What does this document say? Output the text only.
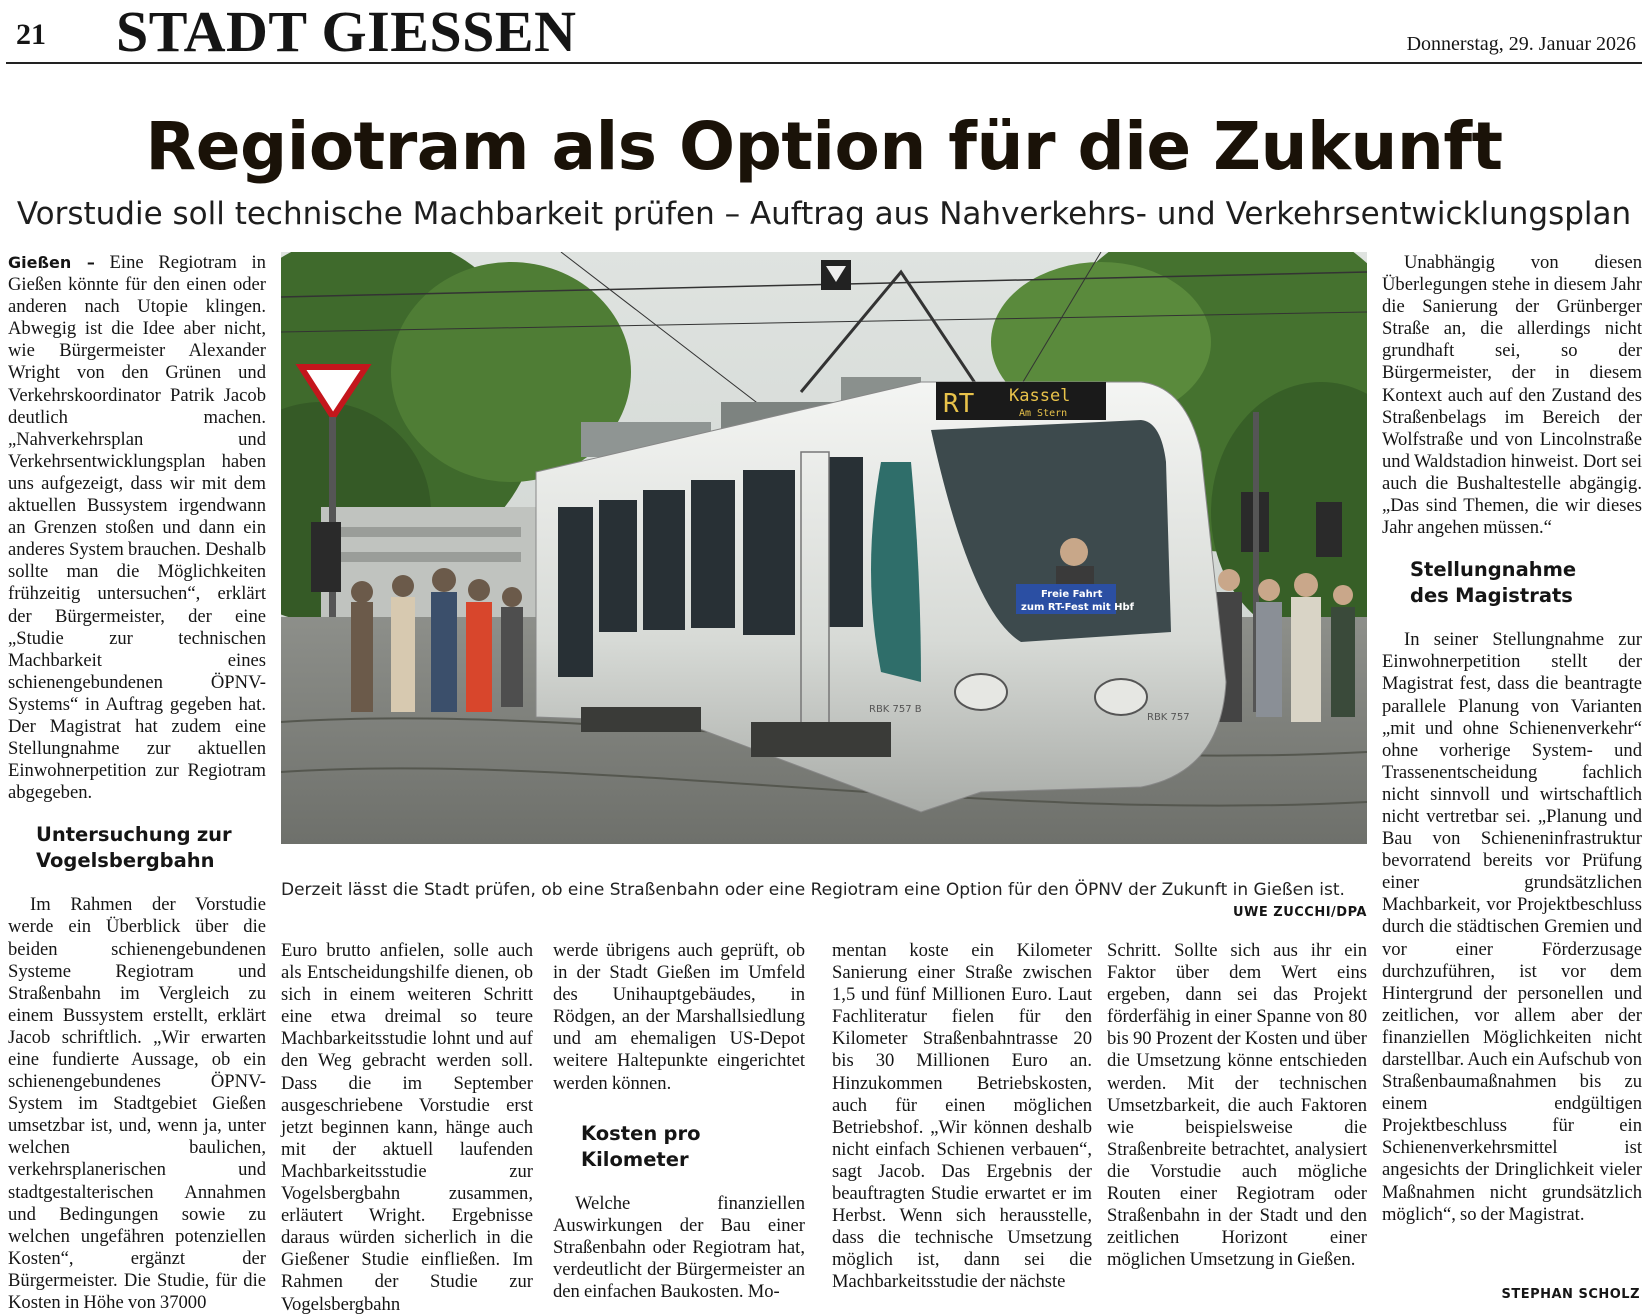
21 STADT GIESSEN	Donnerstag, 29. Januar 2026
Regiotram als Option für die Zukunft
Vorstudie soll technische Machbarkeit prüfen – Auftrag aus Nahverkehrs- und Verkehrsentwicklungsplan

Gießen – Eine Regiotram in Gießen könnte für den einen oder anderen nach Utopie klingen. Abwegig ist die Idee aber nicht, wie Bürgermeister Alexander Wright von den Grünen und Verkehrskoordinator Patrik Jacob deutlich machen. „Nahverkehrsplan und Verkehrsentwicklungsplan haben uns aufgezeigt, dass wir mit dem aktuellen Bussystem irgendwann an Grenzen stoßen und dann ein anderes System brauchen. Deshalb sollte man die Möglichkeiten frühzeitig untersuchen“, erklärt der Bürgermeister, der eine „Studie zur technischen Machbarkeit eines schienengebundenen ÖPNV-Systems“ in Auftrag gegeben hat. Der Magistrat hat zudem eine Stellungnahme zur aktuellen Einwohnerpetition zur Regiotram abgegeben.

Untersuchung zur Vogelsbergbahn

Im Rahmen der Vorstudie werde ein Überblick über die beiden schienengebundenen Systeme Regiotram und Straßenbahn im Vergleich zu einem Bussystem erstellt, erklärt Jacob schriftlich. „Wir erwarten eine fundierte Aussage, ob ein schienengebundenes ÖPNV-System im Stadtgebiet Gießen umsetzbar ist, und, wenn ja, unter welchen baulichen, verkehrsplanerischen und stadtgestalterischen Annahmen und Bedingungen sowie zu welchen ungefähren potenziellen Kosten“, ergänzt der Bürgermeister. Die Studie, für die Kosten in Höhe von 37000

RT Kassel
Am Stern
Freie Fahrt
zum RT-Fest mit Hbf
RBK 757 B
RBK 757
Derzeit lässt die Stadt prüfen, ob eine Straßenbahn oder eine Regiotram eine Option für den ÖPNV der Zukunft in Gießen ist.
UWE ZUCCHI/DPA

Euro brutto anfielen, solle auch als Entscheidungshilfe dienen, ob sich in einem weiteren Schritt eine etwa dreimal so teure Machbarkeitsstudie lohnt und auf den Weg gebracht werden soll. Dass die im September ausgeschriebene Vorstudie erst jetzt beginnen kann, hänge auch mit der aktuell laufenden Machbarkeitsstudie zur Vogelsbergbahn zusammen, erläutert Wright. Ergebnisse daraus würden sicherlich in die Gießener Studie einfließen. Im Rahmen der Studie zur Vogelsbergbahn

werde übrigens auch geprüft, ob in der Stadt Gießen im Umfeld des Unihauptgebäudes, in Rödgen, an der Marshallsiedlung und am ehemaligen US-Depot weitere Haltepunkte eingerichtet werden können.

Kosten pro Kilometer

Welche finanziellen Auswirkungen der Bau einer Straßenbahn oder Regiotram hat, verdeutlicht der Bürgermeister an den einfachen Baukosten. Mo-

mentan koste ein Kilometer Sanierung einer Straße zwischen 1,5 und fünf Millionen Euro. Laut Fachliteratur fielen für den Kilometer Straßenbahntrasse 20 bis 30 Millionen Euro an. Hinzukommen Betriebskosten, auch für einen möglichen Betriebshof. „Wir können deshalb nicht einfach Schienen verbauen“, sagt Jacob. Das Ergebnis der beauftragten Studie erwartet er im Herbst. Wenn sich herausstelle, dass die technische Umsetzung möglich ist, dann sei die Machbarkeitsstudie der nächste

Schritt. Sollte sich aus ihr ein Faktor über dem Wert eins ergeben, dann sei das Projekt förderfähig in einer Spanne von 80 bis 90 Prozent der Kosten und über die Umsetzung könne entschieden werden. Mit der technischen Umsetzbarkeit, die auch Faktoren wie beispielsweise die Straßenbreite betrachtet, analysiert die Vorstudie auch mögliche Routen einer Regiotram oder Straßenbahn in der Stadt und den zeitlichen Horizont einer möglichen Umsetzung in Gießen.

Unabhängig von diesen Überlegungen stehe in diesem Jahr die Sanierung der Grünberger Straße an, die allerdings nicht grundhaft sei, so der Bürgermeister, der in diesem Kontext auch auf den Zustand des Straßenbelags im Bereich der Wolfstraße und von Lincolnstraße und Waldstadion hinweist. Dort sei auch die Bushaltestelle abgängig. „Das sind Themen, die wir dieses Jahr angehen müssen.“

Stellungnahme des Magistrats

In seiner Stellungnahme zur Einwohnerpetition stellt der Magistrat fest, dass die beantragte parallele Planung von Varianten „mit und ohne Schienenverkehr“ ohne vorherige System- und Trassenentscheidung fachlich nicht sinnvoll und wirtschaftlich nicht vertretbar sei. „Planung und Bau von Schieneninfrastruktur bevorratend bereits vor Prüfung einer grundsätzlichen Machbarkeit, vor Projektbeschluss durch die städtischen Gremien und vor einer Förderzusage durchzuführen, ist vor dem Hintergrund der personellen und zeitlichen, vor allem aber der finanziellen Möglichkeiten nicht darstellbar. Auch ein Aufschub von Straßenbaumaßnahmen bis zu einem endgültigen Projektbeschluss für ein Schienenverkehrsmittel ist angesichts der Dringlichkeit vieler Maßnahmen nicht grundsätzlich möglich“, so der Magistrat.

STEPHAN SCHOLZ
